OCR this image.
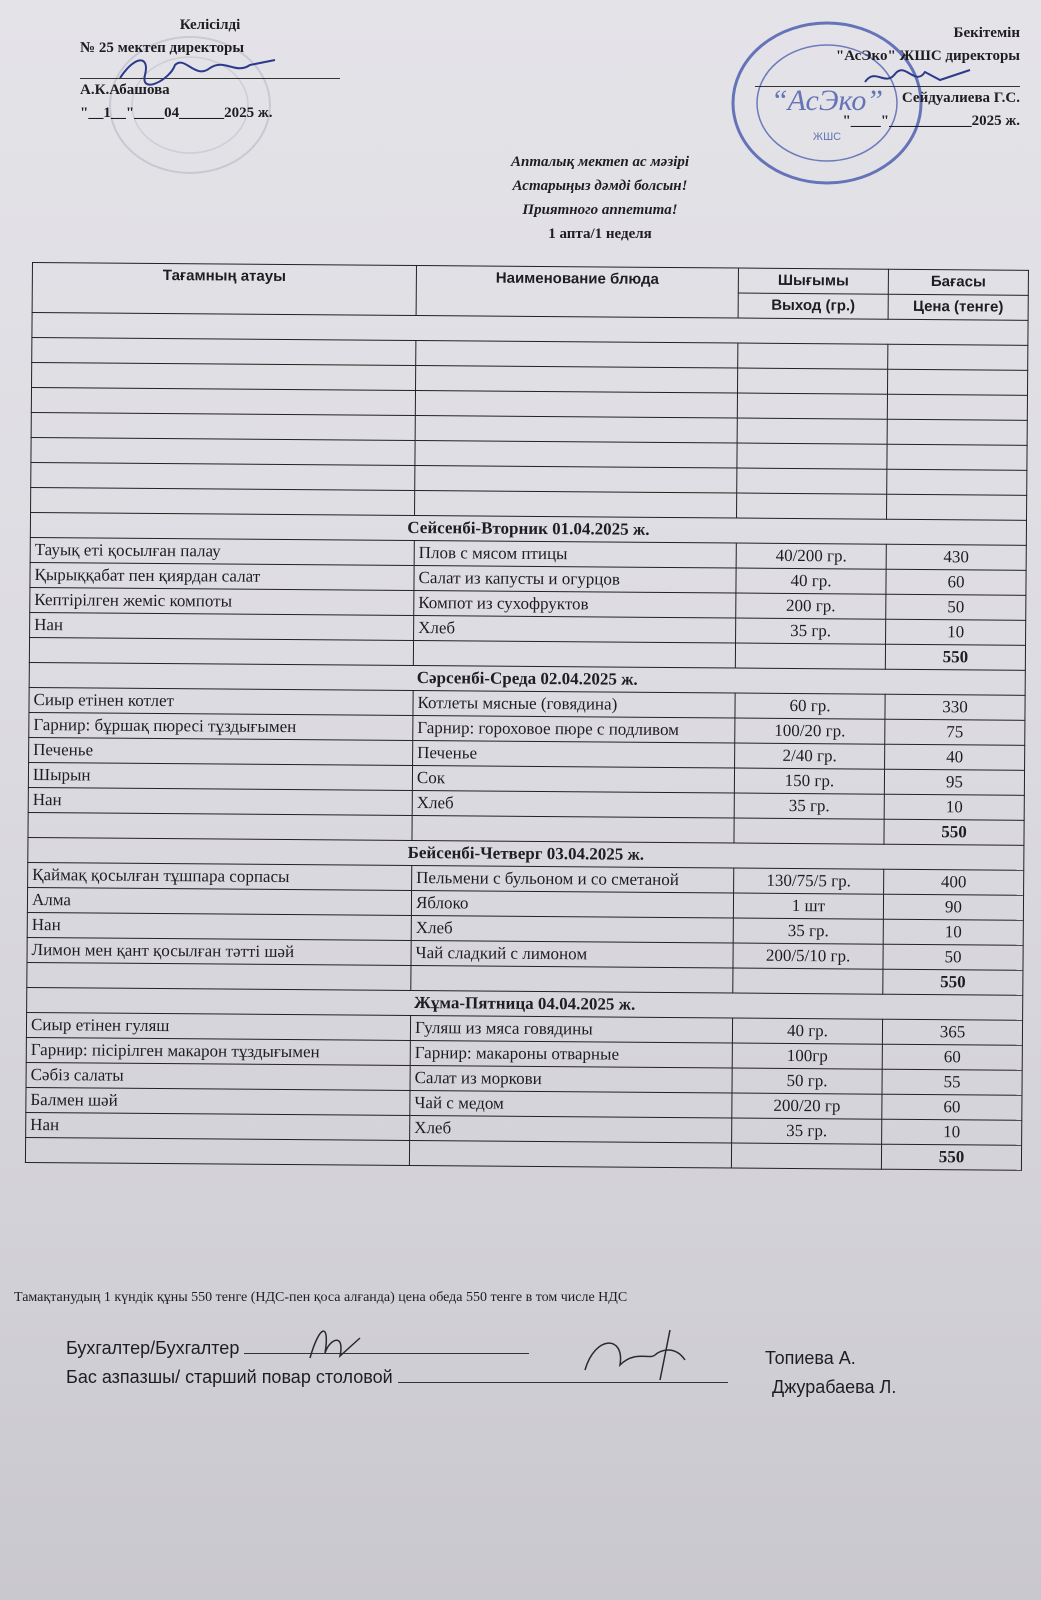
“АсЭко”
ЖШС
Келісілді
№ 25 мектеп директоры
А.К.Абашова
"__1__"____04______2025 ж.
Бекітемін
"АсЭко" ЖШС директоры
Сейдуалиева Г.С.
"____"___________2025 ж.
Апталық мектеп ас мәзірі
Астарыңыз дәмді болсын!
Приятного аппетита!
1 апта/1 неделя
Тағамның атауы	Наименование блюда	Шығымы	Бағасы
		Выход (гр.)	Цена (тенге)

Сейсенбі-Вторник 01.04.2025 ж.			
Тауық еті қосылған палау	Плов с мясом птицы	40/200 гр.	430
Қырыққабат пен қиярдан салат	Салат из капусты и огурцов	40 гр.	60
Кептірілген жеміс компоты	Компот из сухофруктов	200 гр.	50
Нан	Хлеб	35 гр.	10
			550
Сәрсенбі-Среда 02.04.2025 ж.			
Сиыр етінен котлет	Котлеты мясные (говядина)	60 гр.	330
Гарнир: бұршақ пюресі тұздығымен	Гарнир: гороховое пюре с подливом	100/20 гр.	75
Печенье	Печенье	2/40 гр.	40
Шырын	Сок	150 гр.	95
Нан	Хлеб	35 гр.	10
			550
Бейсенбі-Четверг 03.04.2025 ж.			
Қаймақ қосылған тұшпара сорпасы	Пельмени с бульоном и со сметаной	130/75/5 гр.	400
Алма	Яблоко	1 шт	90
Нан	Хлеб	35 гр.	10
Лимон мен қант қосылған тәтті шәй	Чай сладкий с лимоном	200/5/10 гр.	50
			550
Жұма-Пятница 04.04.2025 ж.			
Сиыр етінен гуляш	Гуляш из мяса говядины	40 гр.	365
Гарнир: пісірілген макарон тұздығымен	Гарнир: макароны отварные	100гр	60
Сәбіз салаты	Салат из моркови	50 гр.	55
Балмен шәй	Чай с медом	200/20 гр	60
Нан	Хлеб	35 гр.	10
			550
Тамақтанудың 1 күндік құны 550 тенге (НДС-пен қоса алғанда) цена обеда 550 тенге в том числе НДС
Бухгалтер/Бухгалтер	Топиева А.
Бас азпазшы/ старший повар столовой	Джурабаева Л.
